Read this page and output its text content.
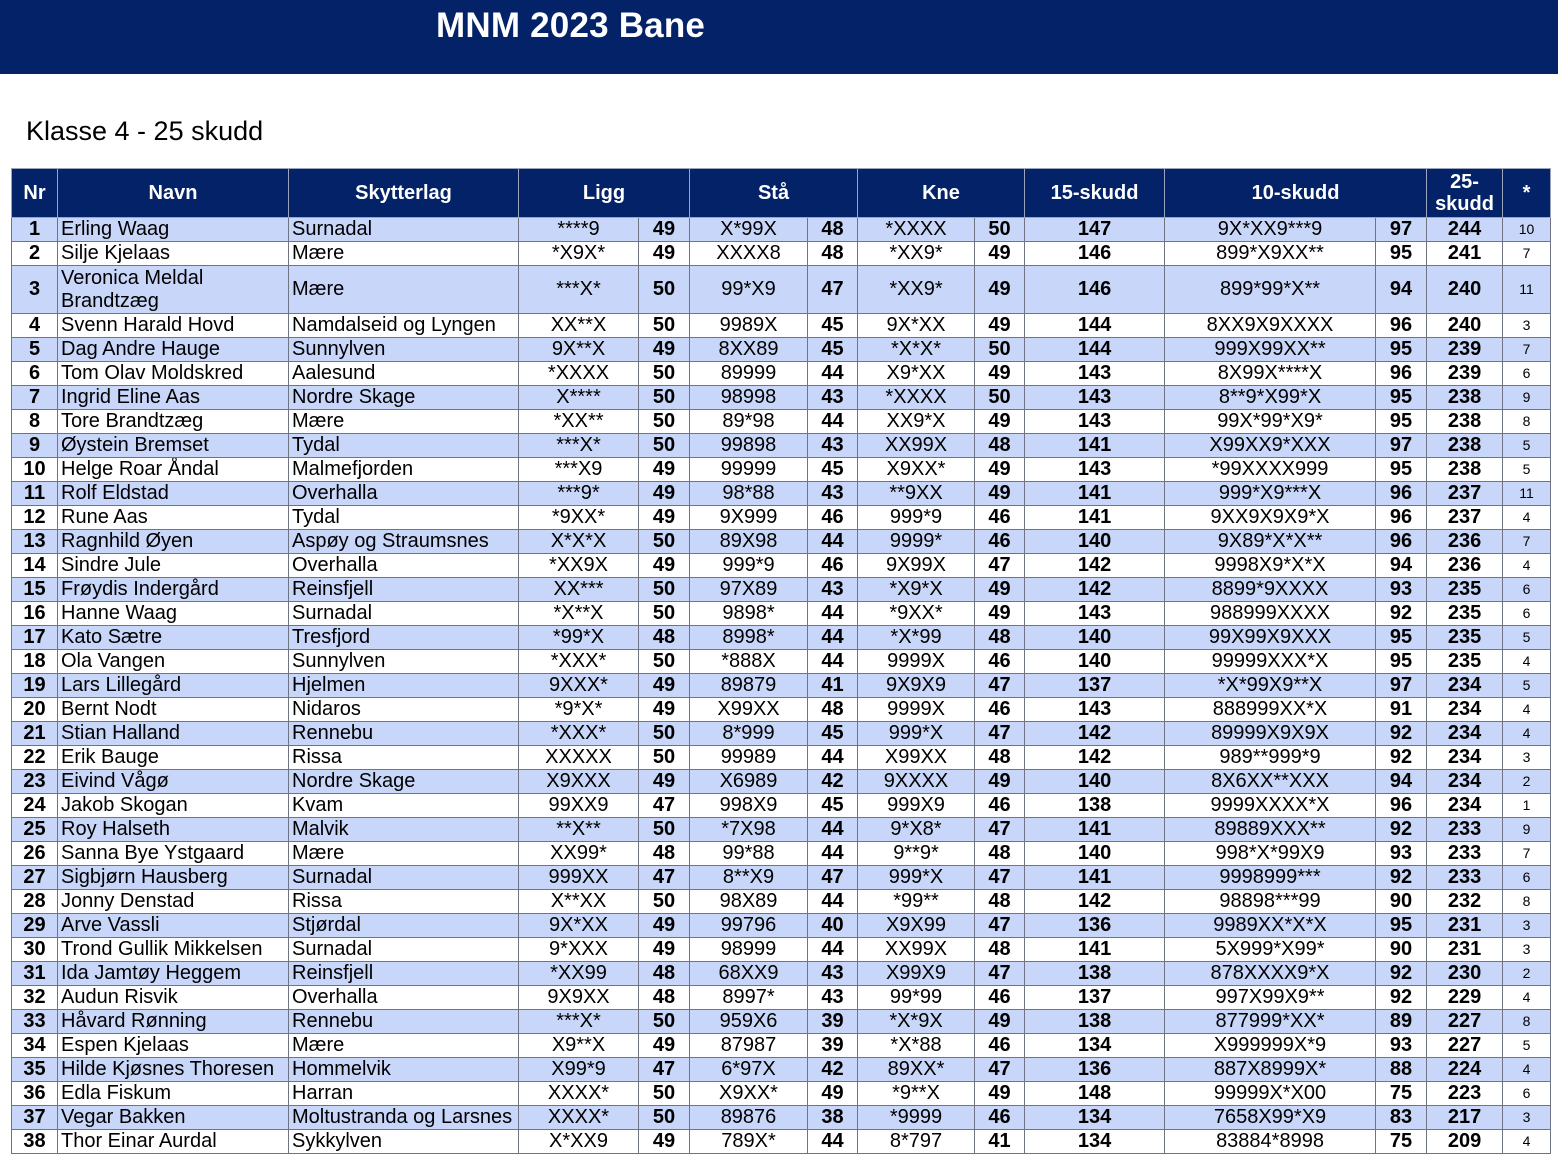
MNM 2023 Bane
Klasse 4 - 25 skudd
Nr	Navn	Skytterlag	Ligg		Stå		Kne		15-skudd	10-skudd		25-skudd	*
1	Erling Waag	Surnadal	****9	49	X*99X	48	*XXXX	50	147	9X*XX9***9	97	244	10
2	Silje Kjelaas	Mære	*X9X*	49	XXXX8	48	*XX9*	49	146	899*X9XX**	95	241	7
3	Veronica Meldal Brandtzæg	Mære	***X*	50	99*X9	47	*XX9*	49	146	899*99*X**	94	240	11
4	Svenn Harald Hovd	Namdalseid og Lyngen	XX**X	50	9989X	45	9X*XX	49	144	8XX9X9XXXX	96	240	3
5	Dag Andre Hauge	Sunnylven	9X**X	49	8XX89	45	*X*X*	50	144	999X99XX**	95	239	7
6	Tom Olav Moldskred	Aalesund	*XXXX	50	89999	44	X9*XX	49	143	8X99X****X	96	239	6
7	Ingrid Eline Aas	Nordre Skage	X****	50	98998	43	*XXXX	50	143	8**9*X99*X	95	238	9
8	Tore Brandtzæg	Mære	*XX**	50	89*98	44	XX9*X	49	143	99X*99*X9*	95	238	8
9	Øystein Bremset	Tydal	***X*	50	99898	43	XX99X	48	141	X99XX9*XXX	97	238	5
10	Helge Roar Åndal	Malmefjorden	***X9	49	99999	45	X9XX*	49	143	*99XXXX999	95	238	5
11	Rolf Eldstad	Overhalla	***9*	49	98*88	43	**9XX	49	141	999*X9***X	96	237	11
12	Rune Aas	Tydal	*9XX*	49	9X999	46	999*9	46	141	9XX9X9X9*X	96	237	4
13	Ragnhild Øyen	Aspøy og Straumsnes	X*X*X	50	89X98	44	9999*	46	140	9X89*X*X**	96	236	7
14	Sindre Jule	Overhalla	*XX9X	49	999*9	46	9X99X	47	142	9998X9*X*X	94	236	4
15	Frøydis Indergård	Reinsfjell	XX***	50	97X89	43	*X9*X	49	142	8899*9XXXX	93	235	6
16	Hanne Waag	Surnadal	*X**X	50	9898*	44	*9XX*	49	143	988999XXXX	92	235	6
17	Kato Sætre	Tresfjord	*99*X	48	8998*	44	*X*99	48	140	99X99X9XXX	95	235	5
18	Ola Vangen	Sunnylven	*XXX*	50	*888X	44	9999X	46	140	99999XXX*X	95	235	4
19	Lars Lillegård	Hjelmen	9XXX*	49	89879	41	9X9X9	47	137	*X*99X9**X	97	234	5
20	Bernt Nodt	Nidaros	*9*X*	49	X99XX	48	9999X	46	143	888999XX*X	91	234	4
21	Stian Halland	Rennebu	*XXX*	50	8*999	45	999*X	47	142	89999X9X9X	92	234	4
22	Erik Bauge	Rissa	XXXXX	50	99989	44	X99XX	48	142	989**999*9	92	234	3
23	Eivind Vågø	Nordre Skage	X9XXX	49	X6989	42	9XXXX	49	140	8X6XX**XXX	94	234	2
24	Jakob Skogan	Kvam	99XX9	47	998X9	45	999X9	46	138	9999XXXX*X	96	234	1
25	Roy Halseth	Malvik	**X**	50	*7X98	44	9*X8*	47	141	89889XXX**	92	233	9
26	Sanna Bye Ystgaard	Mære	XX99*	48	99*88	44	9**9*	48	140	998*X*99X9	93	233	7
27	Sigbjørn Hausberg	Surnadal	999XX	47	8**X9	47	999*X	47	141	9998999***	92	233	6
28	Jonny Denstad	Rissa	X**XX	50	98X89	44	*99**	48	142	98898***99	90	232	8
29	Arve Vassli	Stjørdal	9X*XX	49	99796	40	X9X99	47	136	9989XX*X*X	95	231	3
30	Trond Gullik Mikkelsen	Surnadal	9*XXX	49	98999	44	XX99X	48	141	5X999*X99*	90	231	3
31	Ida Jamtøy Heggem	Reinsfjell	*XX99	48	68XX9	43	X99X9	47	138	878XXXX9*X	92	230	2
32	Audun Risvik	Overhalla	9X9XX	48	8997*	43	99*99	46	137	997X99X9**	92	229	4
33	Håvard Rønning	Rennebu	***X*	50	959X6	39	*X*9X	49	138	877999*XX*	89	227	8
34	Espen Kjelaas	Mære	X9**X	49	87987	39	*X*88	46	134	X999999X*9	93	227	5
35	Hilde Kjøsnes Thoresen	Hommelvik	X99*9	47	6*97X	42	89XX*	47	136	887X8999X*	88	224	4
36	Edla Fiskum	Harran	XXXX*	50	X9XX*	49	*9**X	49	148	99999X*X00	75	223	6
37	Vegar Bakken	Moltustranda og Larsnes	XXXX*	50	89876	38	*9999	46	134	7658X99*X9	83	217	3
38	Thor Einar Aurdal	Sykkylven	X*XX9	49	789X*	44	8*797	41	134	83884*8998	75	209	4
